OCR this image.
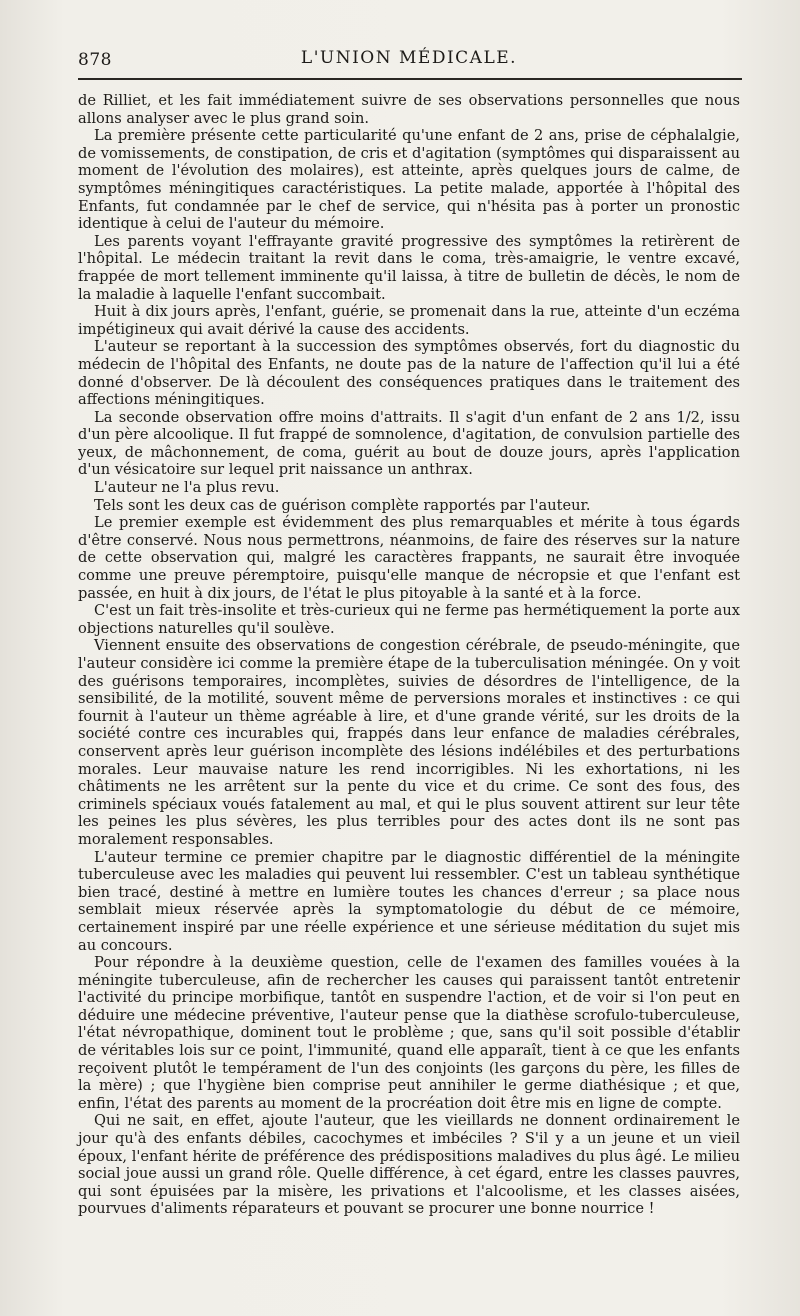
878	L'UNION MÉDICALE.

de Rilliet, et les fait immédiatement suivre de ses observations personnelles que nous allons analyser avec le plus grand soin.

La première présente cette particularité qu'une enfant de 2 ans, prise de céphalalgie, de vomissements, de constipation, de cris et d'agitation (symptômes qui disparaissent au moment de l'évolution des molaires), est atteinte, après quelques jours de calme, de symptômes méningitiques caractéristiques. La petite malade, apportée à l'hôpital des Enfants, fut condamnée par le chef de service, qui n'hésita pas à porter un pronostic identique à celui de l'auteur du mémoire.

Les parents voyant l'effrayante gravité progressive des symptômes la retirèrent de l'hôpital. Le médecin traitant la revit dans le coma, très-amaigrie, le ventre excavé, frappée de mort tellement imminente qu'il laissa, à titre de bulletin de décès, le nom de la maladie à laquelle l'enfant succombait.

Huit à dix jours après, l'enfant, guérie, se promenait dans la rue, atteinte d'un eczéma impétigineux qui avait dérivé la cause des accidents.

L'auteur se reportant à la succession des symptômes observés, fort du diagnostic du médecin de l'hôpital des Enfants, ne doute pas de la nature de l'affection qu'il lui a été donné d'observer. De là découlent des conséquences pratiques dans le traitement des affections méningitiques.

La seconde observation offre moins d'attraits. Il s'agit d'un enfant de 2 ans 1/2, issu d'un père alcoolique. Il fut frappé de somnolence, d'agitation, de convulsion partielle des yeux, de mâchonnement, de coma, guérit au bout de douze jours, après l'application d'un vésicatoire sur lequel prit naissance un anthrax.

L'auteur ne l'a plus revu.

Tels sont les deux cas de guérison complète rapportés par l'auteur.

Le premier exemple est évidemment des plus remarquables et mérite à tous égards d'être conservé. Nous nous permettrons, néanmoins, de faire des réserves sur la nature de cette observation qui, malgré les caractères frappants, ne saurait être invoquée comme une preuve péremptoire, puisqu'elle manque de nécropsie et que l'enfant est passée, en huit à dix jours, de l'état le plus pitoyable à la santé et à la force.

C'est un fait très-insolite et très-curieux qui ne ferme pas hermétiquement la porte aux objections naturelles qu'il soulève.

Viennent ensuite des observations de congestion cérébrale, de pseudo-méningite, que l'auteur considère ici comme la première étape de la tuberculisation méningée. On y voit des guérisons temporaires, incomplètes, suivies de désordres de l'intelligence, de la sensibilité, de la motilité, souvent même de perversions morales et instinctives : ce qui fournit à l'auteur un thème agréable à lire, et d'une grande vérité, sur les droits de la société contre ces incurables qui, frappés dans leur enfance de maladies cérébrales, conservent après leur guérison incomplète des lésions indélébiles et des perturbations morales. Leur mauvaise nature les rend incorrigibles. Ni les exhortations, ni les châtiments ne les arrêtent sur la pente du vice et du crime. Ce sont des fous, des criminels spéciaux voués fatalement au mal, et qui le plus souvent attirent sur leur tête les peines les plus sévères, les plus terribles pour des actes dont ils ne sont pas moralement responsables.

L'auteur termine ce premier chapitre par le diagnostic différentiel de la méningite tuberculeuse avec les maladies qui peuvent lui ressembler. C'est un tableau synthétique bien tracé, destiné à mettre en lumière toutes les chances d'erreur ; sa place nous semblait mieux réservée après la symptomatologie du début de ce mémoire, certainement inspiré par une réelle expérience et une sérieuse méditation du sujet mis au concours.

Pour répondre à la deuxième question, celle de l'examen des familles vouées à la méningite tuberculeuse, afin de rechercher les causes qui paraissent tantôt entretenir l'activité du principe morbifique, tantôt en suspendre l'action, et de voir si l'on peut en déduire une médecine préventive, l'auteur pense que la diathèse scrofulo-tuberculeuse, l'état névropathique, dominent tout le problème ; que, sans qu'il soit possible d'établir de véritables lois sur ce point, l'immunité, quand elle apparaît, tient à ce que les enfants reçoivent plutôt le tempérament de l'un des conjoints (les garçons du père, les filles de la mère) ; que l'hygiène bien comprise peut annihiler le germe diathésique ; et que, enfin, l'état des parents au moment de la procréation doit être mis en ligne de compte.

Qui ne sait, en effet, ajoute l'auteur, que les vieillards ne donnent ordinairement le jour qu'à des enfants débiles, cacochymes et imbéciles ? S'il y a un jeune et un vieil époux, l'enfant hérite de préférence des prédispositions maladives du plus âgé. Le milieu social joue aussi un grand rôle. Quelle différence, à cet égard, entre les classes pauvres, qui sont épuisées par la misère, les privations et l'alcoolisme, et les classes aisées, pourvues d'aliments réparateurs et pouvant se procurer une bonne nourrice !
